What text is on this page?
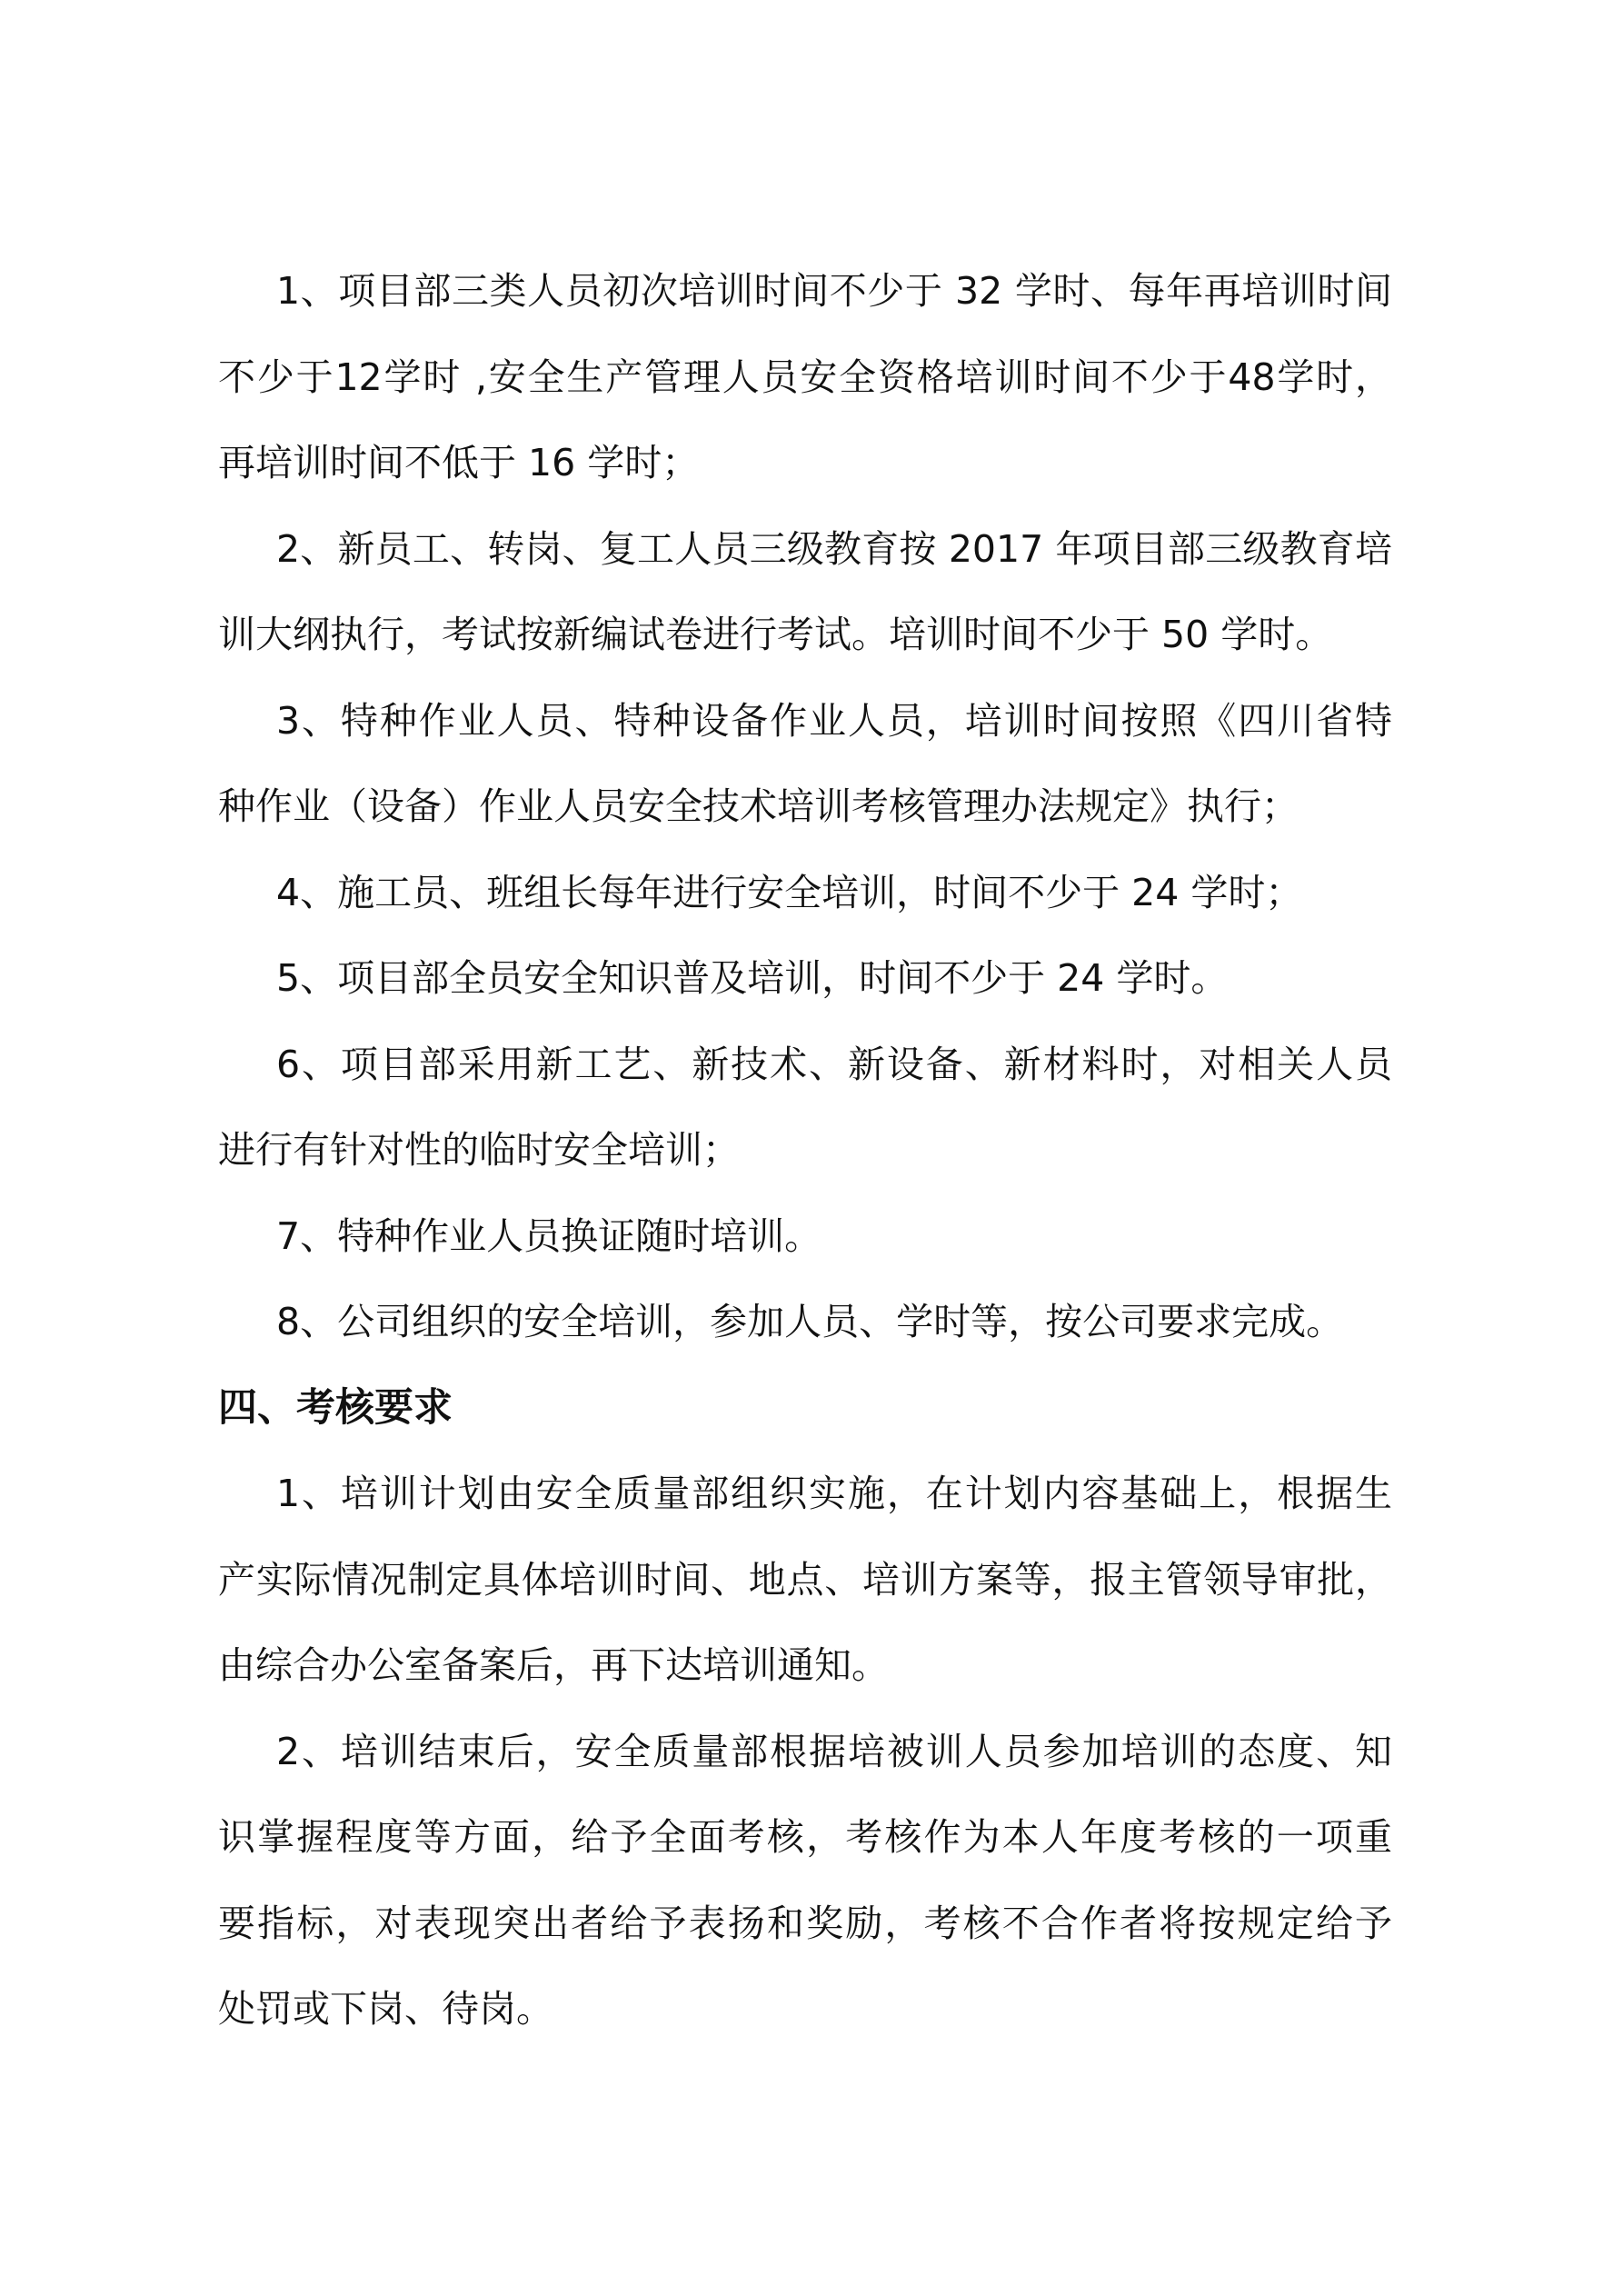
1、项目部三类人员初次培训时间不少于 32 学时、每年再培训时间
不少于12学时 ,安全生产管理人员安全资格培训时间不少于48学时，
再培训时间不低于 16 学时；
2、新员工、转岗、复工人员三级教育按 2017 年项目部三级教育培
训大纲执行，考试按新编试卷进行考试。培训时间不少于 50 学时。
3、特种作业人员、特种设备作业人员，培训时间按照《四川省特
种作业（设备）作业人员安全技术培训考核管理办法规定》执行；
4、施工员、班组长每年进行安全培训，时间不少于 24 学时；
5、项目部全员安全知识普及培训，时间不少于 24 学时。
6、项目部采用新工艺、新技术、新设备、新材料时，对相关人员
进行有针对性的临时安全培训；
7、特种作业人员换证随时培训。
8、公司组织的安全培训，参加人员、学时等，按公司要求完成。
四、考核要求
1、培训计划由安全质量部组织实施，在计划内容基础上，根据生
产实际情况制定具体培训时间、地点、培训方案等，报主管领导审批，
由综合办公室备案后，再下达培训通知。
2、培训结束后，安全质量部根据培被训人员参加培训的态度、知
识掌握程度等方面，给予全面考核，考核作为本人年度考核的一项重
要指标，对表现突出者给予表扬和奖励，考核不合作者将按规定给予
处罚或下岗、待岗。
